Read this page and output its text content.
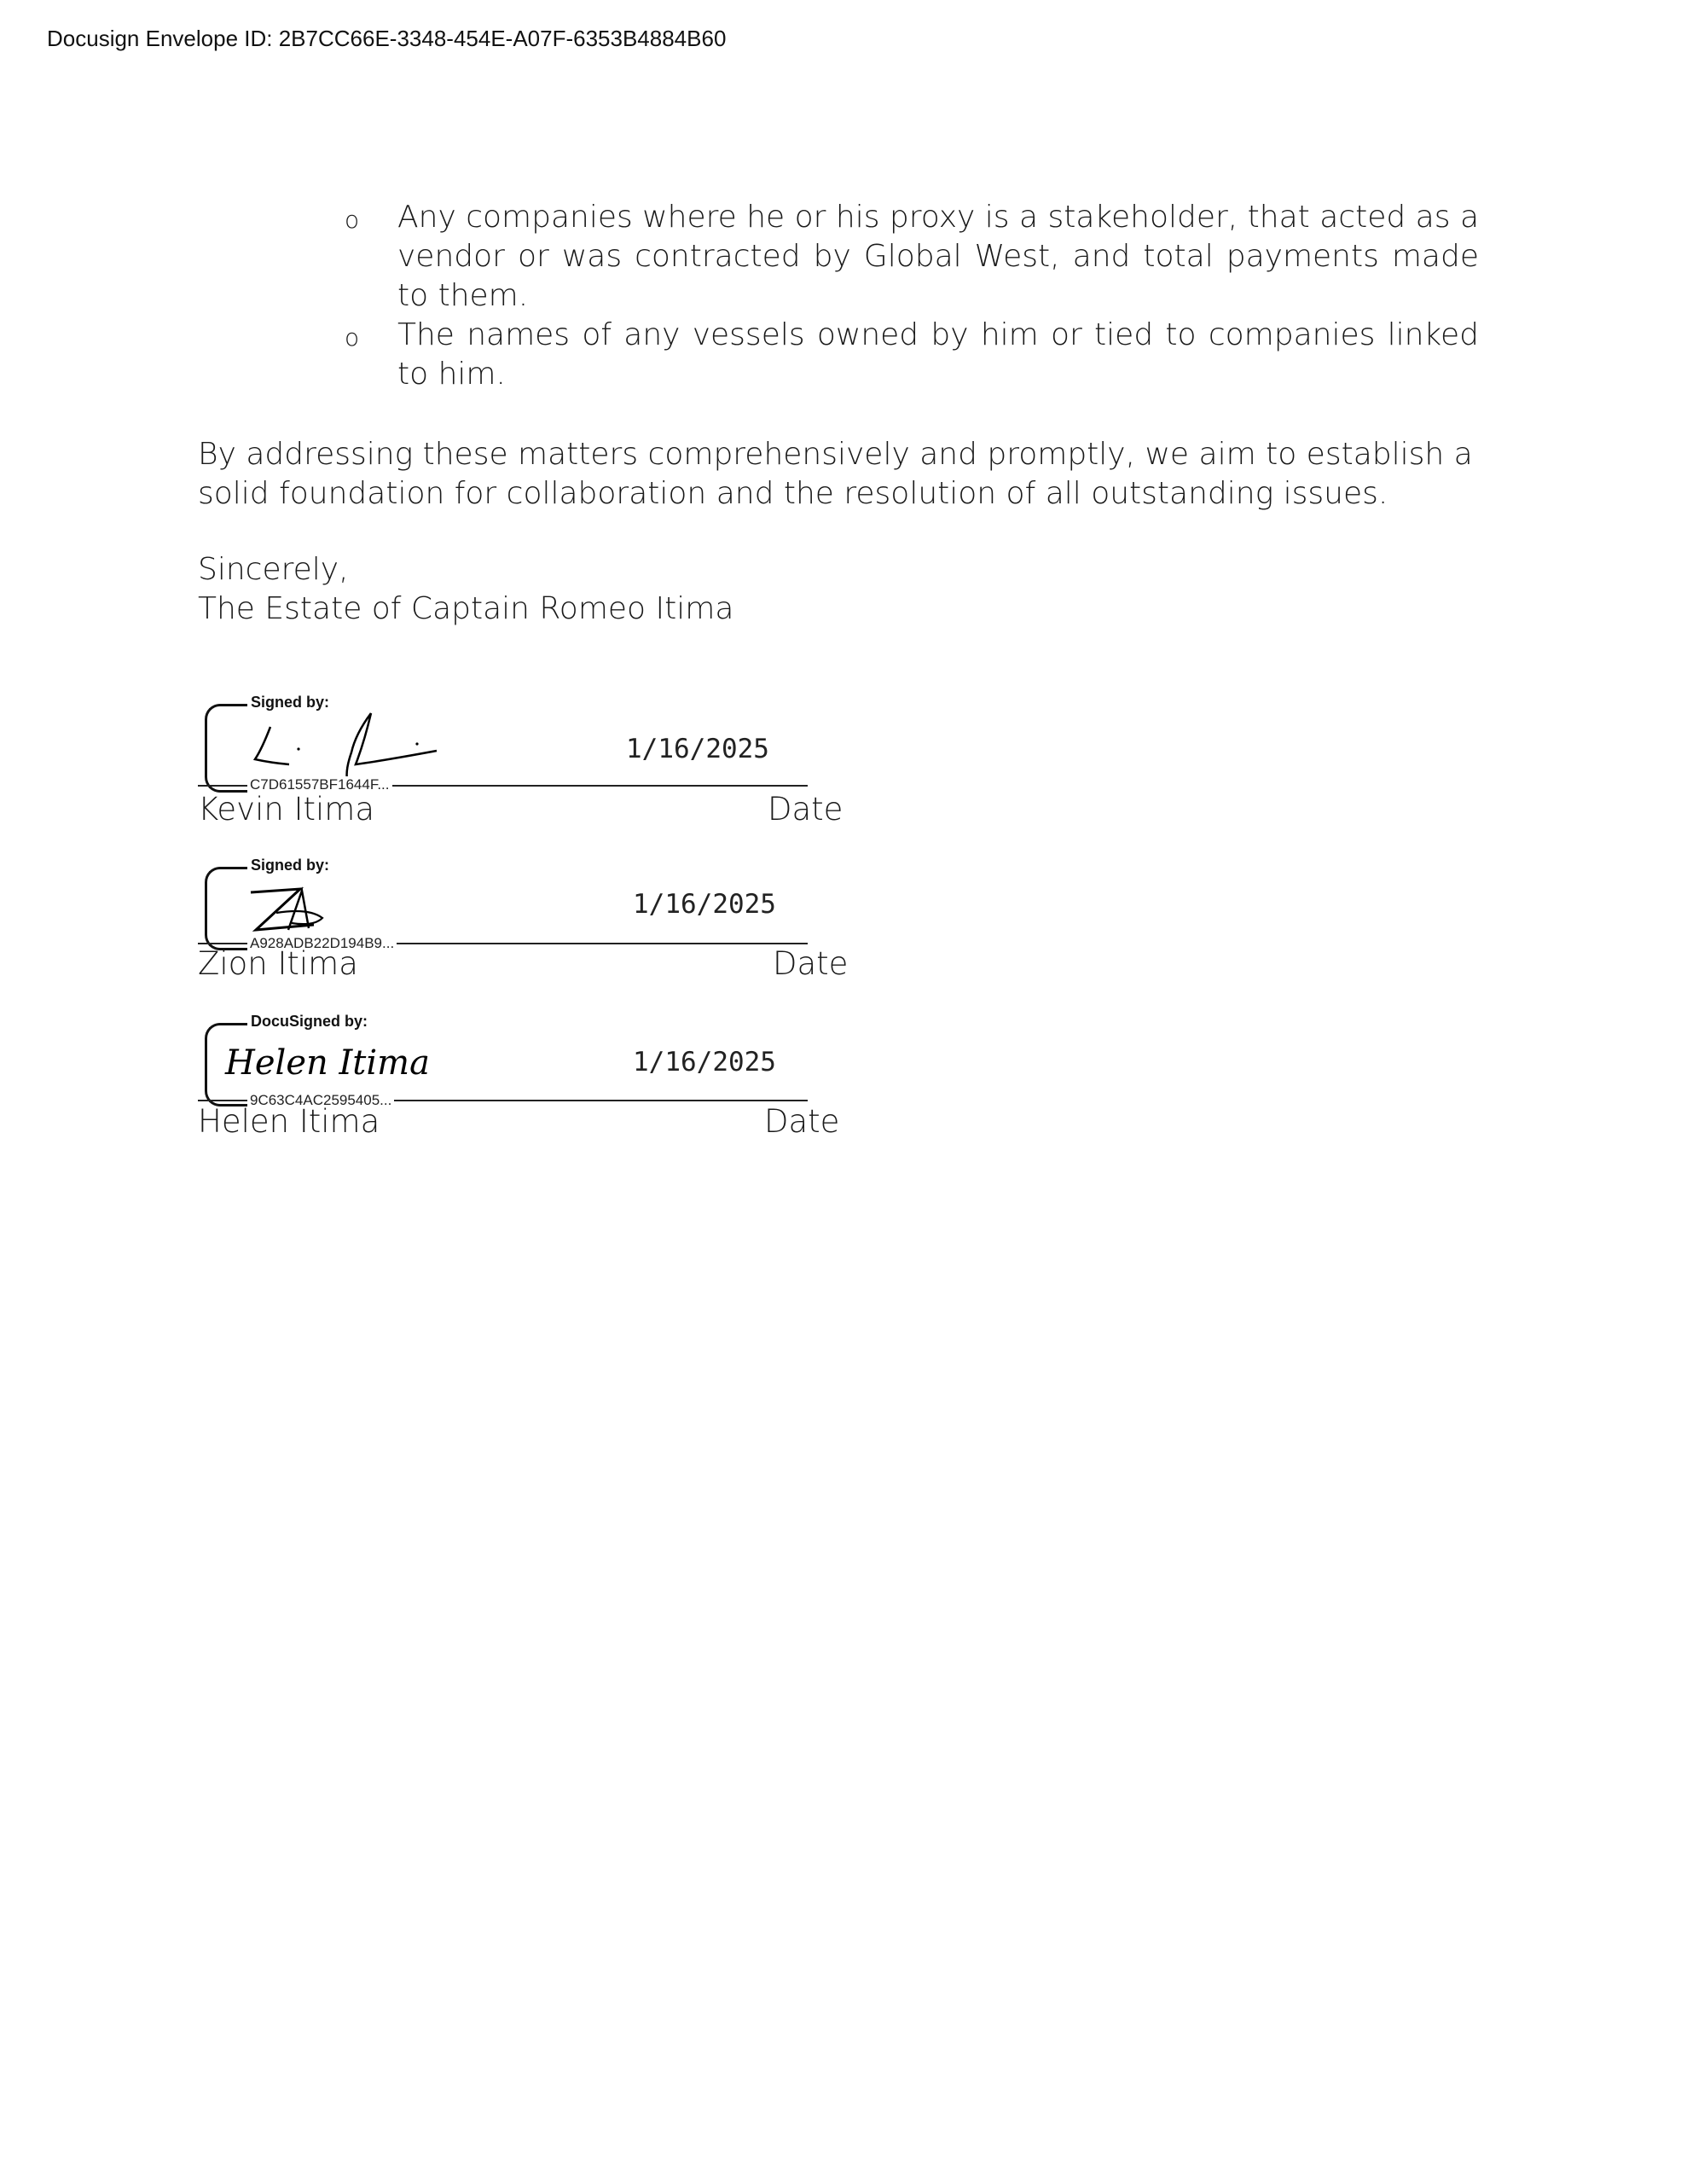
Docusign Envelope ID: 2B7CC66E-3348-454E-A07F-6353B4884B60
o Any companies where he or his proxy is a stakeholder, that acted as a vendor or was contracted by Global West, and total payments made to them.
o The names of any vessels owned by him or tied to companies linked to him.

By addressing these matters comprehensively and promptly, we aim to establish a solid foundation for collaboration and the resolution of all outstanding issues.

Sincerely,

The Estate of Captain Romeo Itima

Signed by:
1/16/2025
C7D61557BF1644F...
Kevin Itima	Date
Signed by:
1/16/2025
A928ADB22D194B9...
Zion Itima	Date
DocuSigned by:
Helen Itima	1/16/2025
9C63C4AC2595405...
Helen Itima	Date
